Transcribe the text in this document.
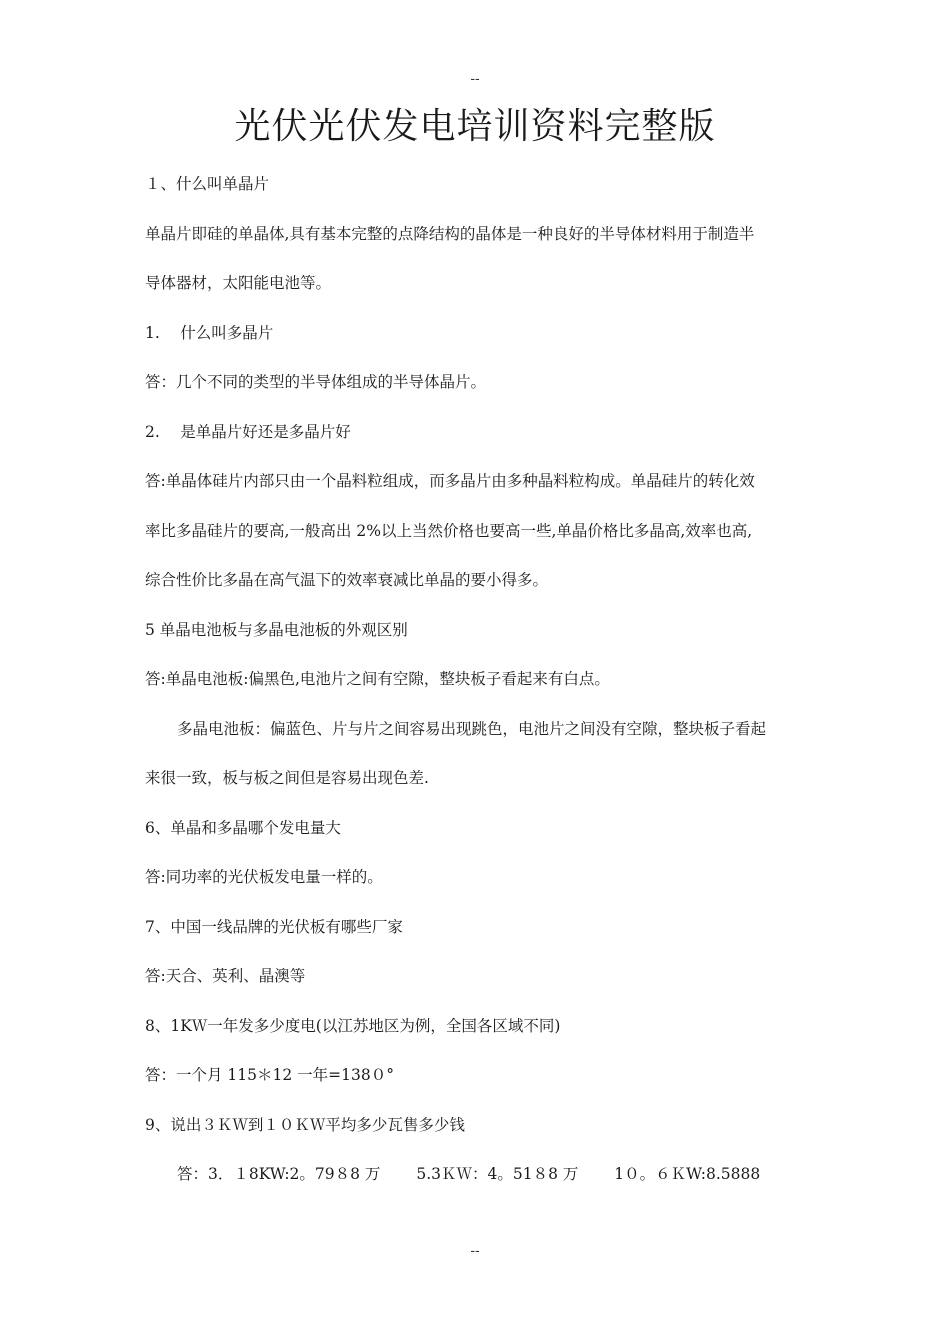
--
光伏光伏发电培训资料完整版
１、什么叫单晶片
单晶片即硅的单晶体,具有基本完整的点降结构的晶体是一种良好的半导体材料用于制造半
导体器材，太阳能电池等。
1.　 什么叫多晶片
答：几个不同的类型的半导体组成的半导体晶片。
2.　 是单晶片好还是多晶片好
答:单晶体硅片内部只由一个晶料粒组成，而多晶片由多种晶料粒构成。单晶硅片的转化效
率比多晶硅片的要高,一般高出 2%以上当然价格也要高一些,单晶价格比多晶高,效率也高,
综合性价比多晶在高气温下的效率衰减比单晶的要小得多。
5 单晶电池板与多晶电池板的外观区别
答:单晶电池板:偏黑色,电池片之间有空隙，整块板子看起来有白点。
多晶电池板：偏蓝色、片与片之间容易出现跳色，电池片之间没有空隙，整块板子看起
来很一致，板与板之间但是容易出现色差.
6、单晶和多晶哪个发电量大
答:同功率的光伏板发电量一样的。
7、中国一线品牌的光伏板有哪些厂家
答:天合、英利、晶澳等
8、1KＷ一年发多少度电(以江苏地区为例，全国各区域不同)
答：一个月 115＊12 一年=138０°
9、说出３ＫＷ到１０ＫＷ平均多少瓦售多少钱
答：3．１8KW:2。79８8 万　　 5.3ＫＷ：4。51８8 万　　 1０。６ＫW:8.5888
--
